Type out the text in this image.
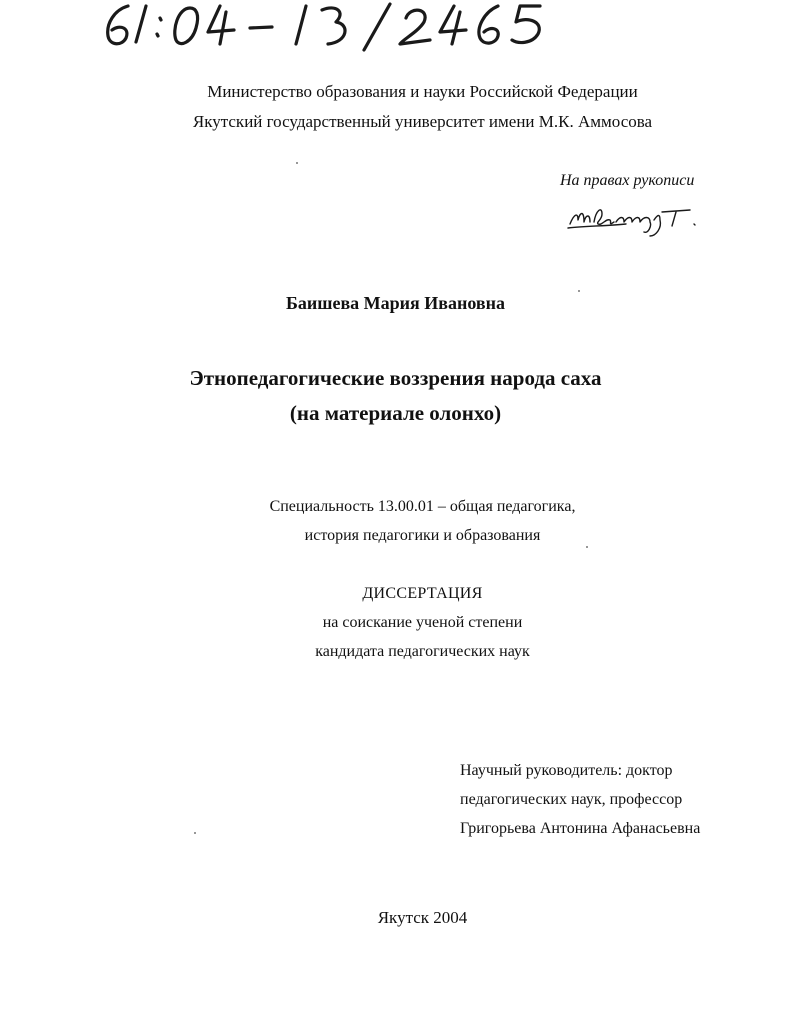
Министерство образования и науки Российской Федерации
Якутский государственный университет имени М.К. Аммосова
На правах рукописи
Баишева Мария Ивановна
Этнопедагогические воззрения народа саха
(на материале олонхо)
Специальность 13.00.01 – общая педагогика,
история педагогики и образования
ДИССЕРТАЦИЯ
на соискание ученой степени
кандидата педагогических наук
Научный руководитель: доктор
педагогических наук, профессор
Григорьева Антонина Афанасьевна
Якутск 2004
